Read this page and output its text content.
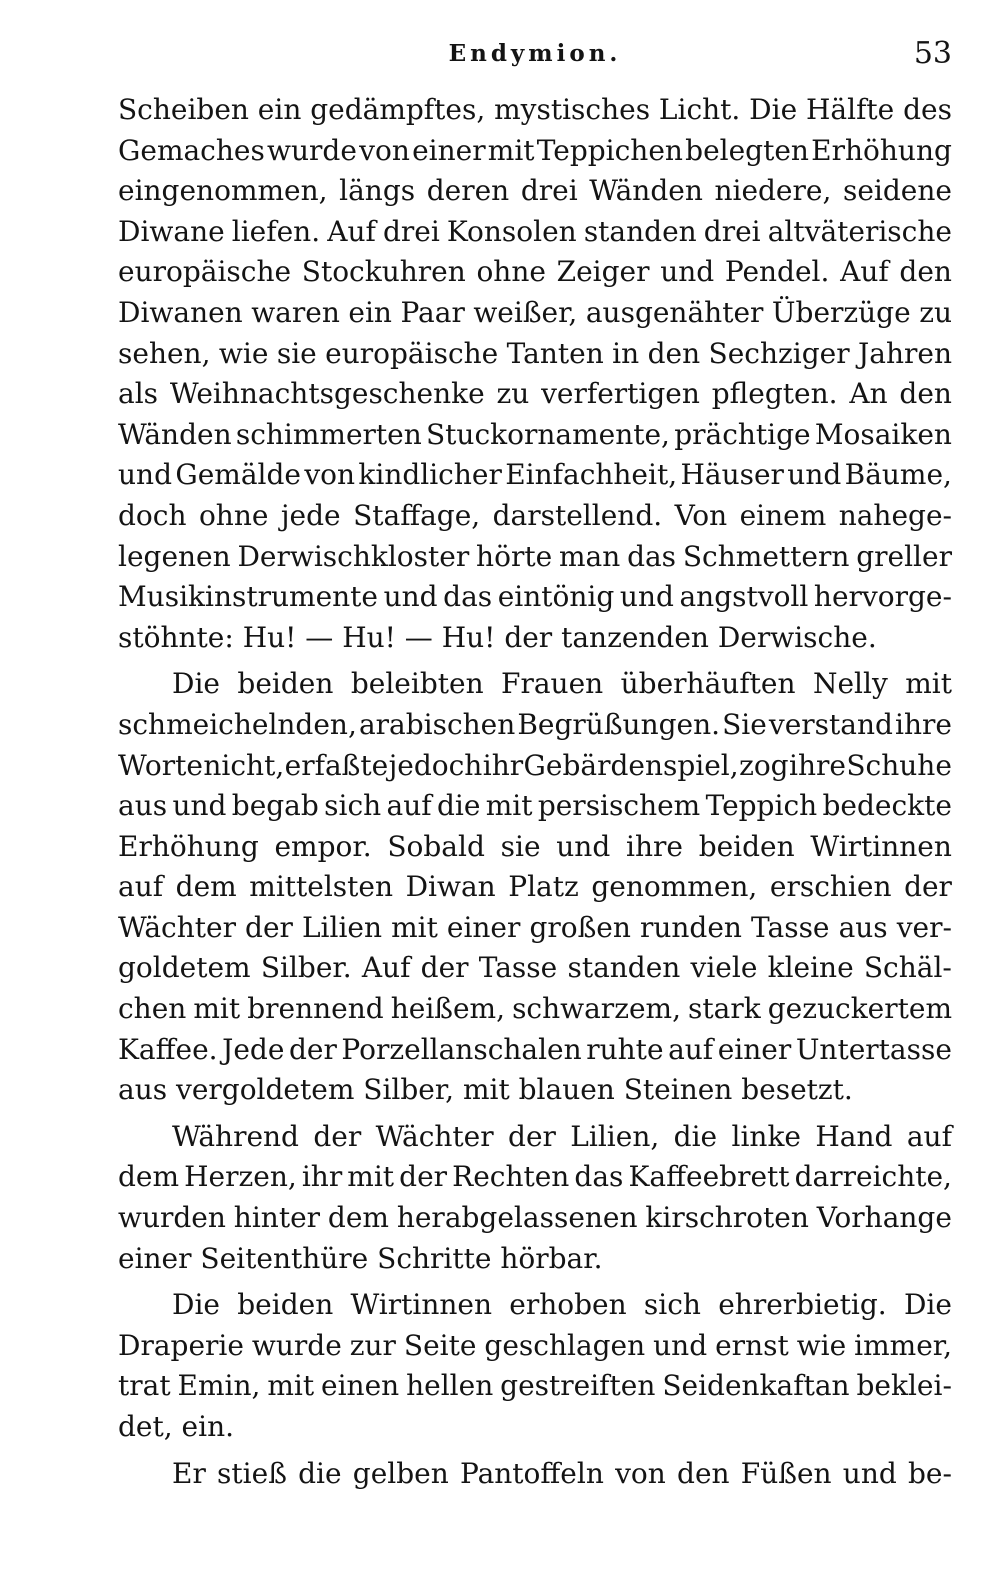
Endymion.	53
Scheiben ein gedämpftes, mystisches Licht. Die Hälfte des
Gemaches wurde von einer mit Teppichen belegten Erhöhung
eingenommen, längs deren drei Wänden niedere, seidene
Diwane liefen. Auf drei Konsolen standen drei altväterische
europäische Stockuhren ohne Zeiger und Pendel. Auf den
Diwanen waren ein Paar weißer, ausgenähter Überzüge zu
sehen, wie sie europäische Tanten in den Sechziger Jahren
als Weihnachtsgeschenke zu verfertigen pflegten. An den
Wänden schimmerten Stuckornamente, prächtige Mosaiken
und Gemälde von kindlicher Einfachheit, Häuser und Bäume,
doch ohne jede Staffage, darstellend. Von einem nahege-
legenen Derwischkloster hörte man das Schmettern greller
Musikinstrumente und das eintönig und angstvoll hervorge-
stöhnte: Hu! — Hu! — Hu! der tanzenden Derwische.
Die beiden beleibten Frauen überhäuften Nelly mit
schmeichelnden, arabischen Begrüßungen. Sie verstand ihre
Worte nicht, erfaßte jedoch ihr Gebärdenspiel, zog ihre Schuhe
aus und begab sich auf die mit persischem Teppich bedeckte
Erhöhung empor. Sobald sie und ihre beiden Wirtinnen
auf dem mittelsten Diwan Platz genommen, erschien der
Wächter der Lilien mit einer großen runden Tasse aus ver-
goldetem Silber. Auf der Tasse standen viele kleine Schäl-
chen mit brennend heißem, schwarzem, stark gezuckertem
Kaffee. Jede der Porzellanschalen ruhte auf einer Untertasse
aus vergoldetem Silber, mit blauen Steinen besetzt.
Während der Wächter der Lilien, die linke Hand auf
dem Herzen, ihr mit der Rechten das Kaffeebrett darreichte,
wurden hinter dem herabgelassenen kirschroten Vorhange
einer Seitenthüre Schritte hörbar.
Die beiden Wirtinnen erhoben sich ehrerbietig. Die
Draperie wurde zur Seite geschlagen und ernst wie immer,
trat Emin, mit einen hellen gestreiften Seidenkaftan beklei-
det, ein.
Er stieß die gelben Pantoffeln von den Füßen und be-
